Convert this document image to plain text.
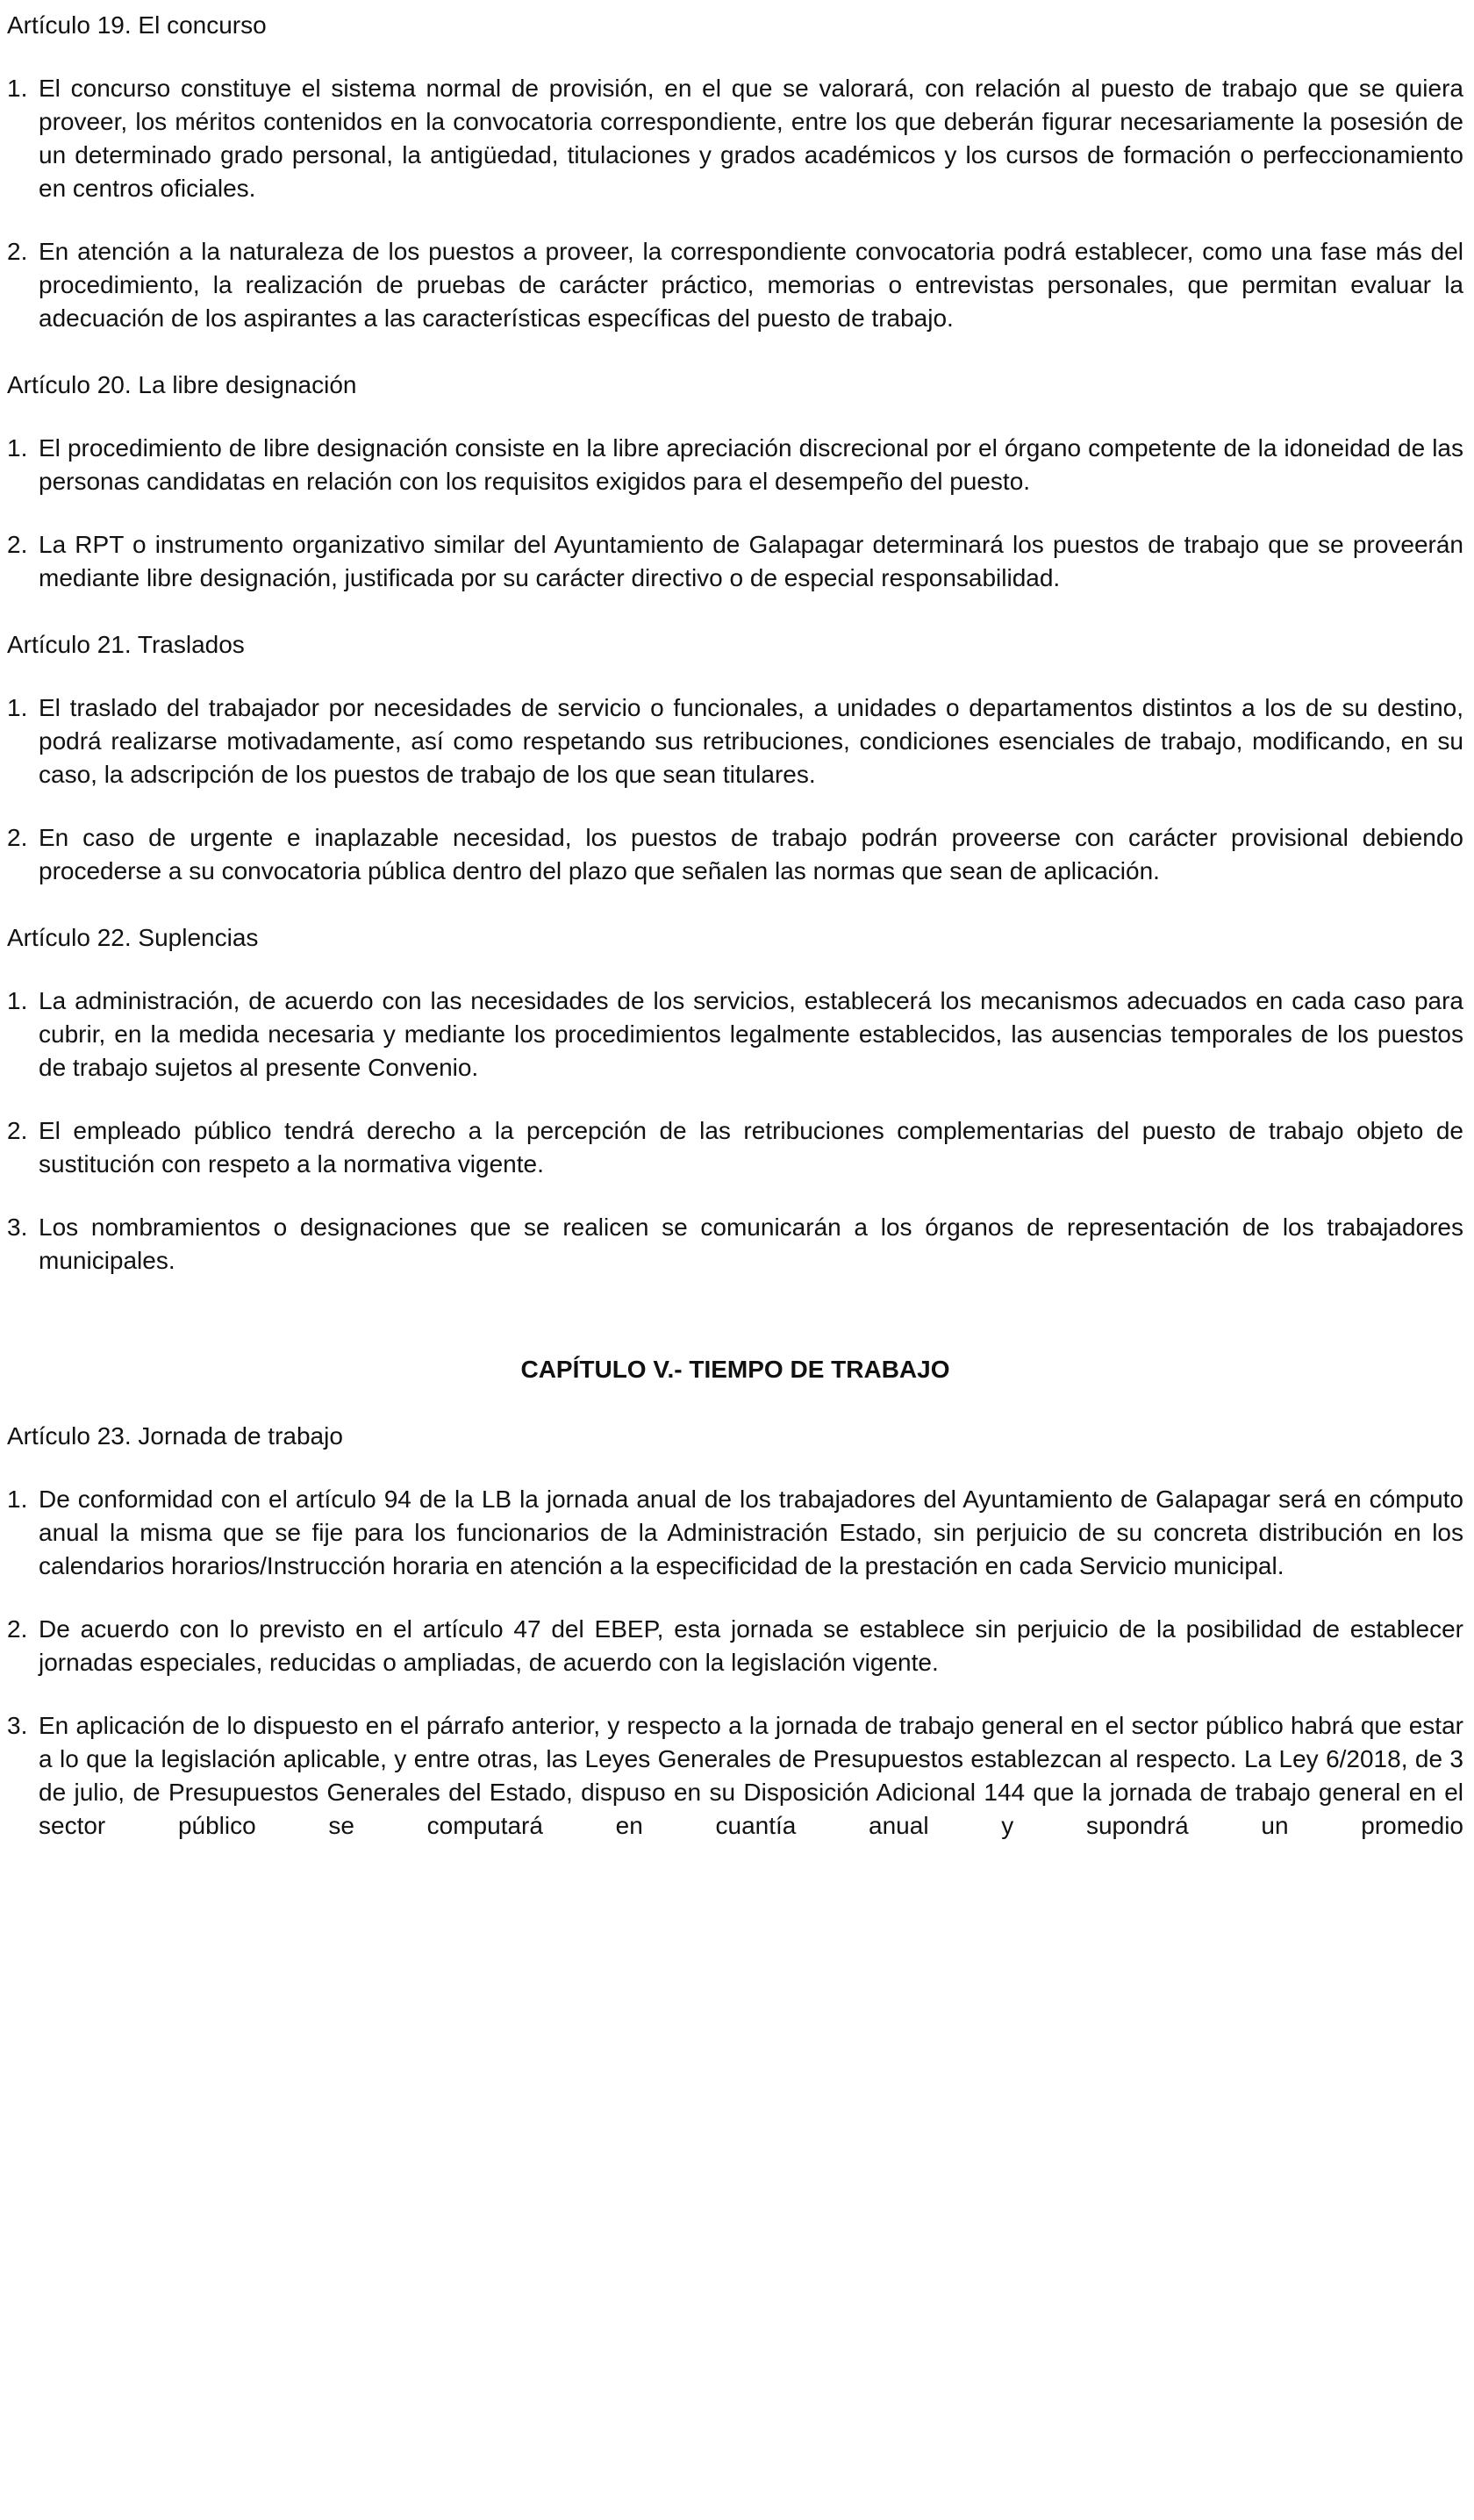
Artículo 19. El concurso

1. El concurso constituye el sistema normal de provisión, en el que se valorará, con relación al puesto de trabajo que se quiera proveer, los méritos contenidos en la convocatoria correspondiente, entre los que deberán figurar necesariamente la posesión de un determinado grado personal, la antigüedad, titulaciones y grados académicos y los cursos de formación o perfeccionamiento en centros oficiales.

2. En atención a la naturaleza de los puestos a proveer, la correspondiente convocatoria podrá establecer, como una fase más del procedimiento, la realización de pruebas de carácter práctico, memorias o entrevistas personales, que permitan evaluar la adecuación de los aspirantes a las características específicas del puesto de trabajo.

Artículo 20. La libre designación

1. El procedimiento de libre designación consiste en la libre apreciación discrecional por el órgano competente de la idoneidad de las personas candidatas en relación con los requisitos exigidos para el desempeño del puesto.

2. La RPT o instrumento organizativo similar del Ayuntamiento de Galapagar determinará los puestos de trabajo que se proveerán mediante libre designación, justificada por su carácter directivo o de especial responsabilidad.

Artículo 21. Traslados

1. El traslado del trabajador por necesidades de servicio o funcionales, a unidades o departamentos distintos a los de su destino, podrá realizarse motivadamente, así como respetando sus retribuciones, condiciones esenciales de trabajo, modificando, en su caso, la adscripción de los puestos de trabajo de los que sean titulares.

2. En caso de urgente e inaplazable necesidad, los puestos de trabajo podrán proveerse con carácter provisional debiendo procederse a su convocatoria pública dentro del plazo que señalen las normas que sean de aplicación.

Artículo 22. Suplencias

1. La administración, de acuerdo con las necesidades de los servicios, establecerá los mecanismos adecuados en cada caso para cubrir, en la medida necesaria y mediante los procedimientos legalmente establecidos, las ausencias temporales de los puestos de trabajo sujetos al presente Convenio.

2. El empleado público tendrá derecho a la percepción de las retribuciones complementarias del puesto de trabajo objeto de sustitución con respeto a la normativa vigente.

3. Los nombramientos o designaciones que se realicen se comunicarán a los órganos de representación de los trabajadores municipales.

CAPÍTULO V.- TIEMPO DE TRABAJO

Artículo 23. Jornada de trabajo

1. De conformidad con el artículo 94 de la LB la jornada anual de los trabajadores del Ayuntamiento de Galapagar será en cómputo anual la misma que se fije para los funcionarios de la Administración Estado, sin perjuicio de su concreta distribución en los calendarios horarios/Instrucción horaria en atención a la especificidad de la prestación en cada Servicio municipal.

2. De acuerdo con lo previsto en el artículo 47 del EBEP, esta jornada se establece sin perjuicio de la posibilidad de establecer jornadas especiales, reducidas o ampliadas, de acuerdo con la legislación vigente.

3. En aplicación de lo dispuesto en el párrafo anterior, y respecto a la jornada de trabajo general en el sector público habrá que estar a lo que la legislación aplicable, y entre otras, las Leyes Generales de Presupuestos establezcan al respecto. La Ley 6/2018, de 3 de julio, de Presupuestos Generales del Estado, dispuso en su Disposición Adicional 144 que la jornada de trabajo general en el sector público se computará en cuantía anual y supondrá un promedio
